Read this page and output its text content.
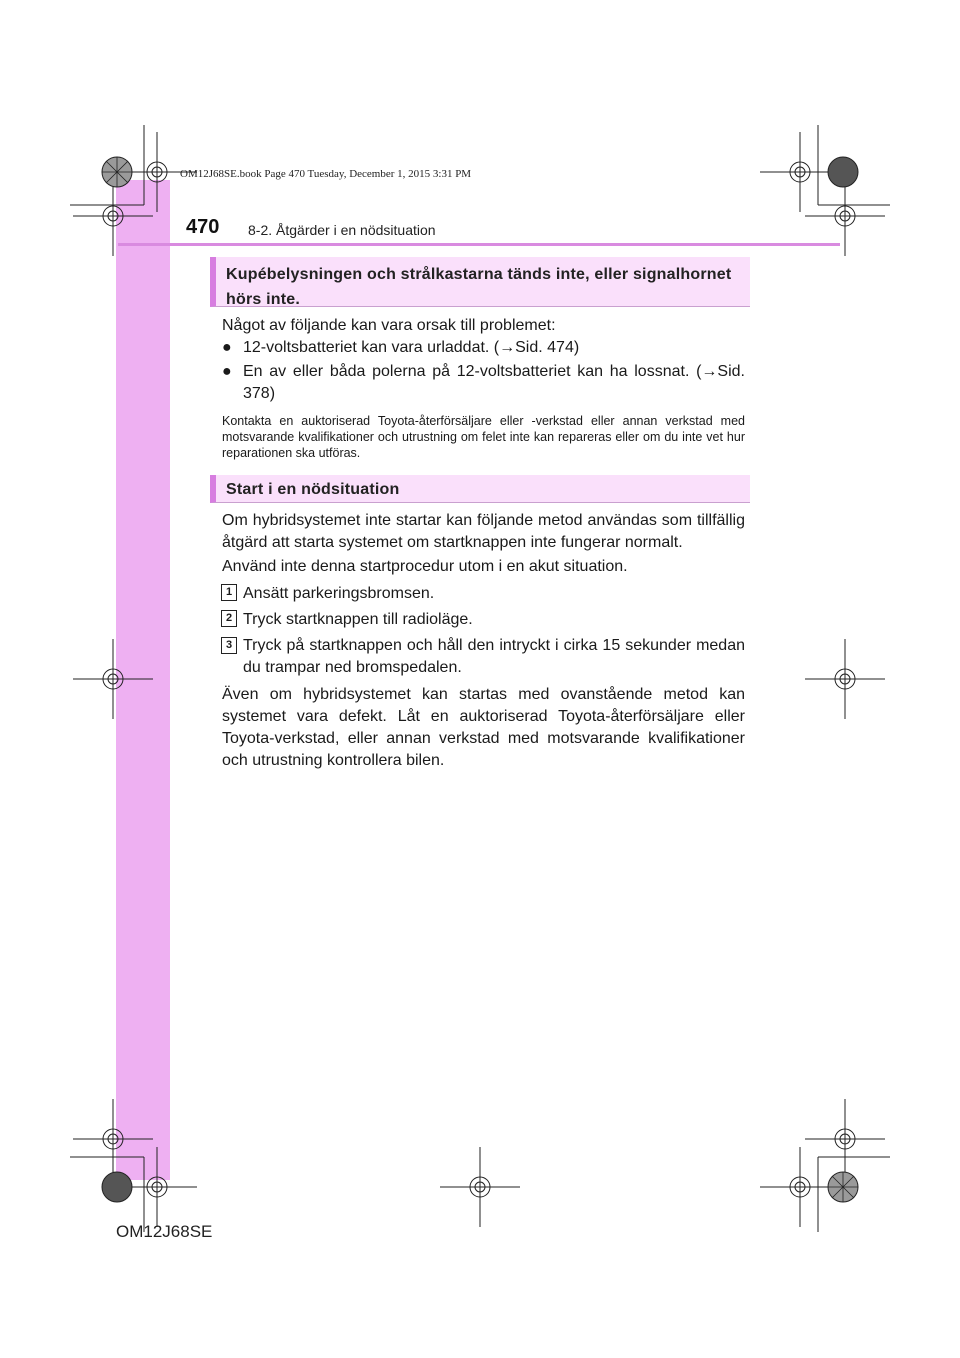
OM12J68SE.book Page 470 Tuesday, December 1, 2015 3:31 PM
470 8-2. Åtgärder i en nödsituation
Kupébelysningen och strålkastarna tänds inte, eller signalhornet hörs inte.
Något av följande kan vara orsak till problemet:
● 12-voltsbatteriet kan vara urladdat. (→Sid. 474)
● En av eller båda polerna på 12-voltsbatteriet kan ha lossnat. (→Sid. 378)
Kontakta en auktoriserad Toyota-återförsäljare eller -verkstad eller annan verkstad med motsvarande kvalifikationer och utrustning om felet inte kan repareras eller om du inte vet hur reparationen ska utföras.
Start i en nödsituation
Om hybridsystemet inte startar kan följande metod användas som tillfällig åtgärd att starta systemet om startknappen inte fungerar normalt.
Använd inte denna startprocedur utom i en akut situation.
1 Ansätt parkeringsbromsen.
2 Tryck startknappen till radioläge.
3 Tryck på startknappen och håll den intryckt i cirka 15 sekunder medan du trampar ned bromspedalen.
Även om hybridsystemet kan startas med ovanstående metod kan systemet vara defekt. Låt en auktoriserad Toyota-återförsäljare eller Toyota-verkstad, eller annan verkstad med motsvarande kvalifikationer och utrustning kontrollera bilen.
OM12J68SE
